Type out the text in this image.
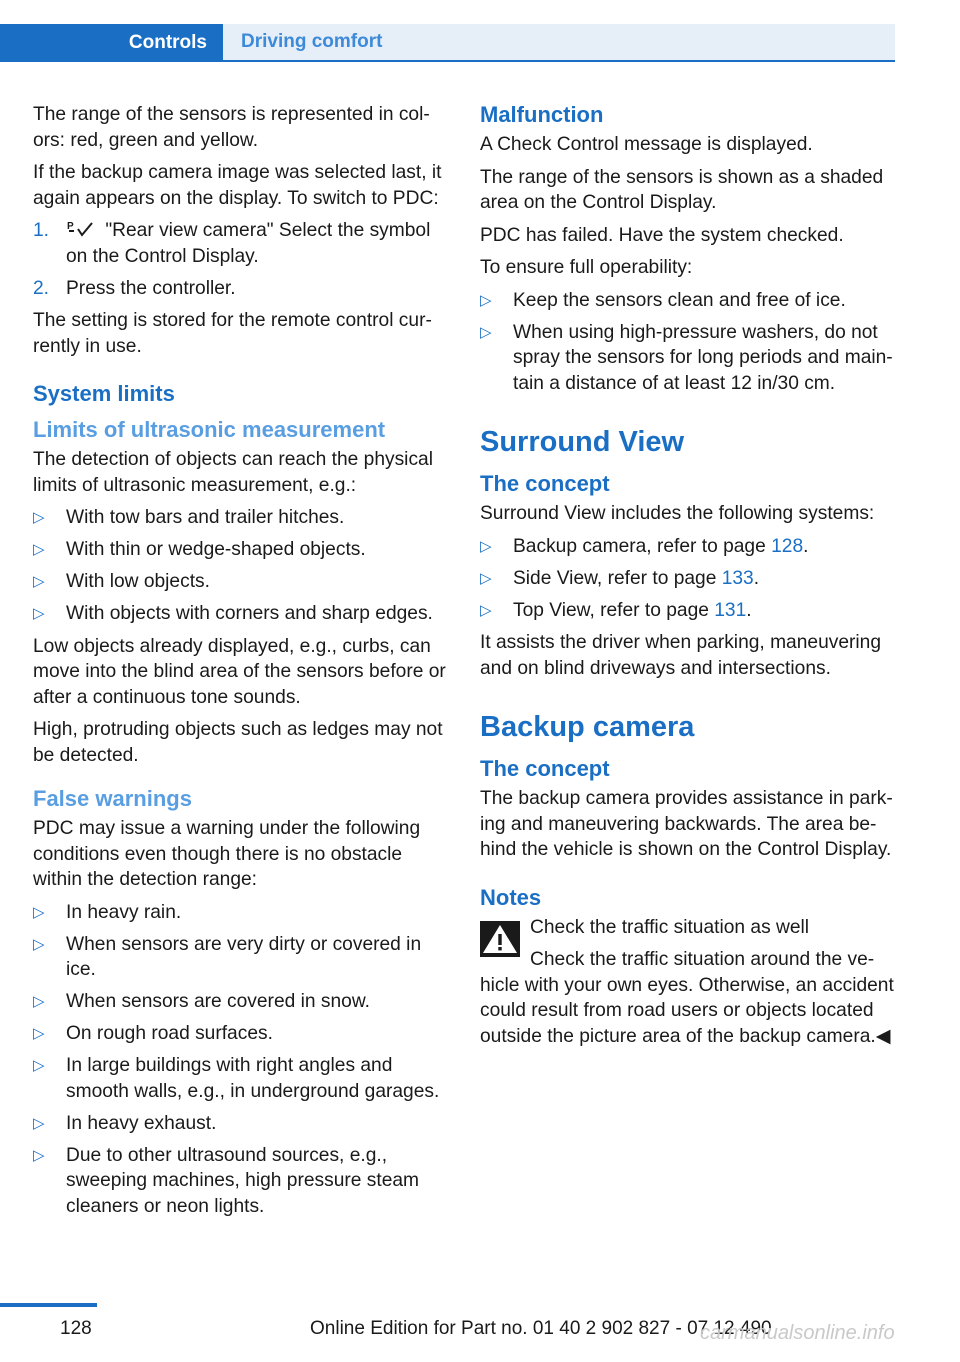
Controls	Driving comfort

The range of the sensors is represented in col-ors: red, green and yellow.

If the backup camera image was selected last, it again appears on the display. To switch to PDC:

1. P "Rear view camera" Select the symbol on the Control Display.
2. Press the controller.

The setting is stored for the remote control cur-rently in use.

System limits
Limits of ultrasonic measurement

The detection of objects can reach the physical limits of ultrasonic measurement, e.g.:

▷ With tow bars and trailer hitches.
▷ With thin or wedge-shaped objects.
▷ With low objects.
▷ With objects with corners and sharp edges.

Low objects already displayed, e.g., curbs, can move into the blind area of the sensors before or after a continuous tone sounds.

High, protruding objects such as ledges may not be detected.

False warnings

PDC may issue a warning under the following conditions even though there is no obstacle within the detection range:

▷ In heavy rain.
▷ When sensors are very dirty or covered in ice.
▷ When sensors are covered in snow.
▷ On rough road surfaces.
▷ In large buildings with right angles and smooth walls, e.g., in underground garages.
▷ In heavy exhaust.
▷ Due to other ultrasound sources, e.g., sweeping machines, high pressure steam cleaners or neon lights.
Malfunction

A Check Control message is displayed.

The range of the sensors is shown as a shaded area on the Control Display.

PDC has failed. Have the system checked.

To ensure full operability:

▷ Keep the sensors clean and free of ice.
▷ When using high-pressure washers, do not spray the sensors for long periods and main-tain a distance of at least 12 in/30 cm.
Surround View
The concept

Surround View includes the following systems:

▷ Backup camera, refer to page 128.
▷ Side View, refer to page 133.
▷ Top View, refer to page 131.

It assists the driver when parking, maneuvering and on blind driveways and intersections.

Backup camera
The concept

The backup camera provides assistance in park-ing and maneuvering backwards. The area be-hind the vehicle is shown on the Control Display.

Notes

Check the traffic situation as well

Check the traffic situation around the ve-hicle with your own eyes. Otherwise, an accident could result from road users or objects located outside the picture area of the backup camera.◀

128	Online Edition for Part no. 01 40 2 902 827 - 07 12 490
carmanualsonline.info
